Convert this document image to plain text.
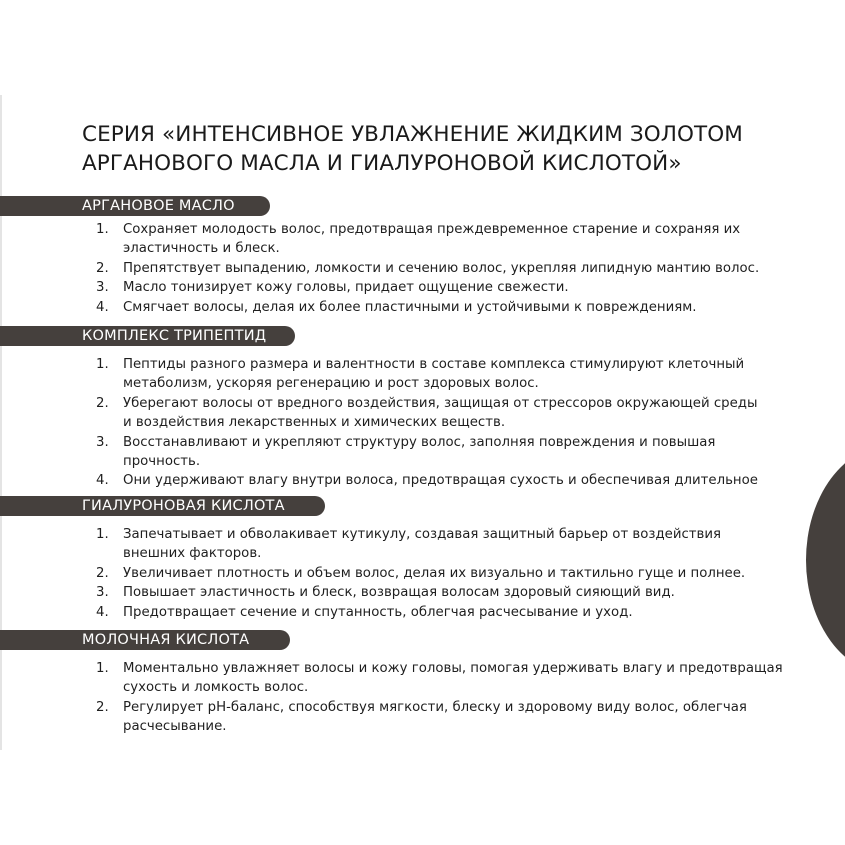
СЕРИЯ «ИНТЕНСИВНОЕ УВЛАЖНЕНИЕ ЖИДКИМ ЗОЛОТОМ
АРГАНОВОГО МАСЛА И ГИАЛУРОНОВОЙ КИСЛОТОЙ»
АРГАНОВОЕ МАСЛО
1. Сохраняет молодость волос, предотвращая преждевременное старение и сохраняя их
эластичность и блеск.
2. Препятствует выпадению, ломкости и сечению волос, укрепляя липидную мантию волос.
3. Масло тонизирует кожу головы, придает ощущение свежести.
4. Смягчает волосы, делая их более пластичными и устойчивыми к повреждениям.
КОМПЛЕКС ТРИПЕПТИД
1. Пептиды разного размера и валентности в составе комплекса стимулируют клеточный
метаболизм, ускоряя регенерацию и рост здоровых волос.
2. Уберегают волосы от вредного воздействия, защищая от стрессоров окружающей среды
и воздействия лекарственных и химических веществ.
3. Восстанавливают и укрепляют структуру волос, заполняя повреждения и повышая
прочность.
4. Они удерживают влагу внутри волоса, предотвращая сухость и обеспечивая длительное
ГИАЛУРОНОВАЯ КИСЛОТА
1. Запечатывает и обволакивает кутикулу, создавая защитный барьер от воздействия
внешних факторов.
2. Увеличивает плотность и объем волос, делая их визуально и тактильно гуще и полнее.
3. Повышает эластичность и блеск, возвращая волосам здоровый сияющий вид.
4. Предотвращает сечение и спутанность, облегчая расчесывание и уход.
МОЛОЧНАЯ КИСЛОТА
1. Моментально увлажняет волосы и кожу головы, помогая удерживать влагу и предотвращая
сухость и ломкость волос.
2. Регулирует pH-баланс, способствуя мягкости, блеску и здоровому виду волос, облегчая
расчесывание.
